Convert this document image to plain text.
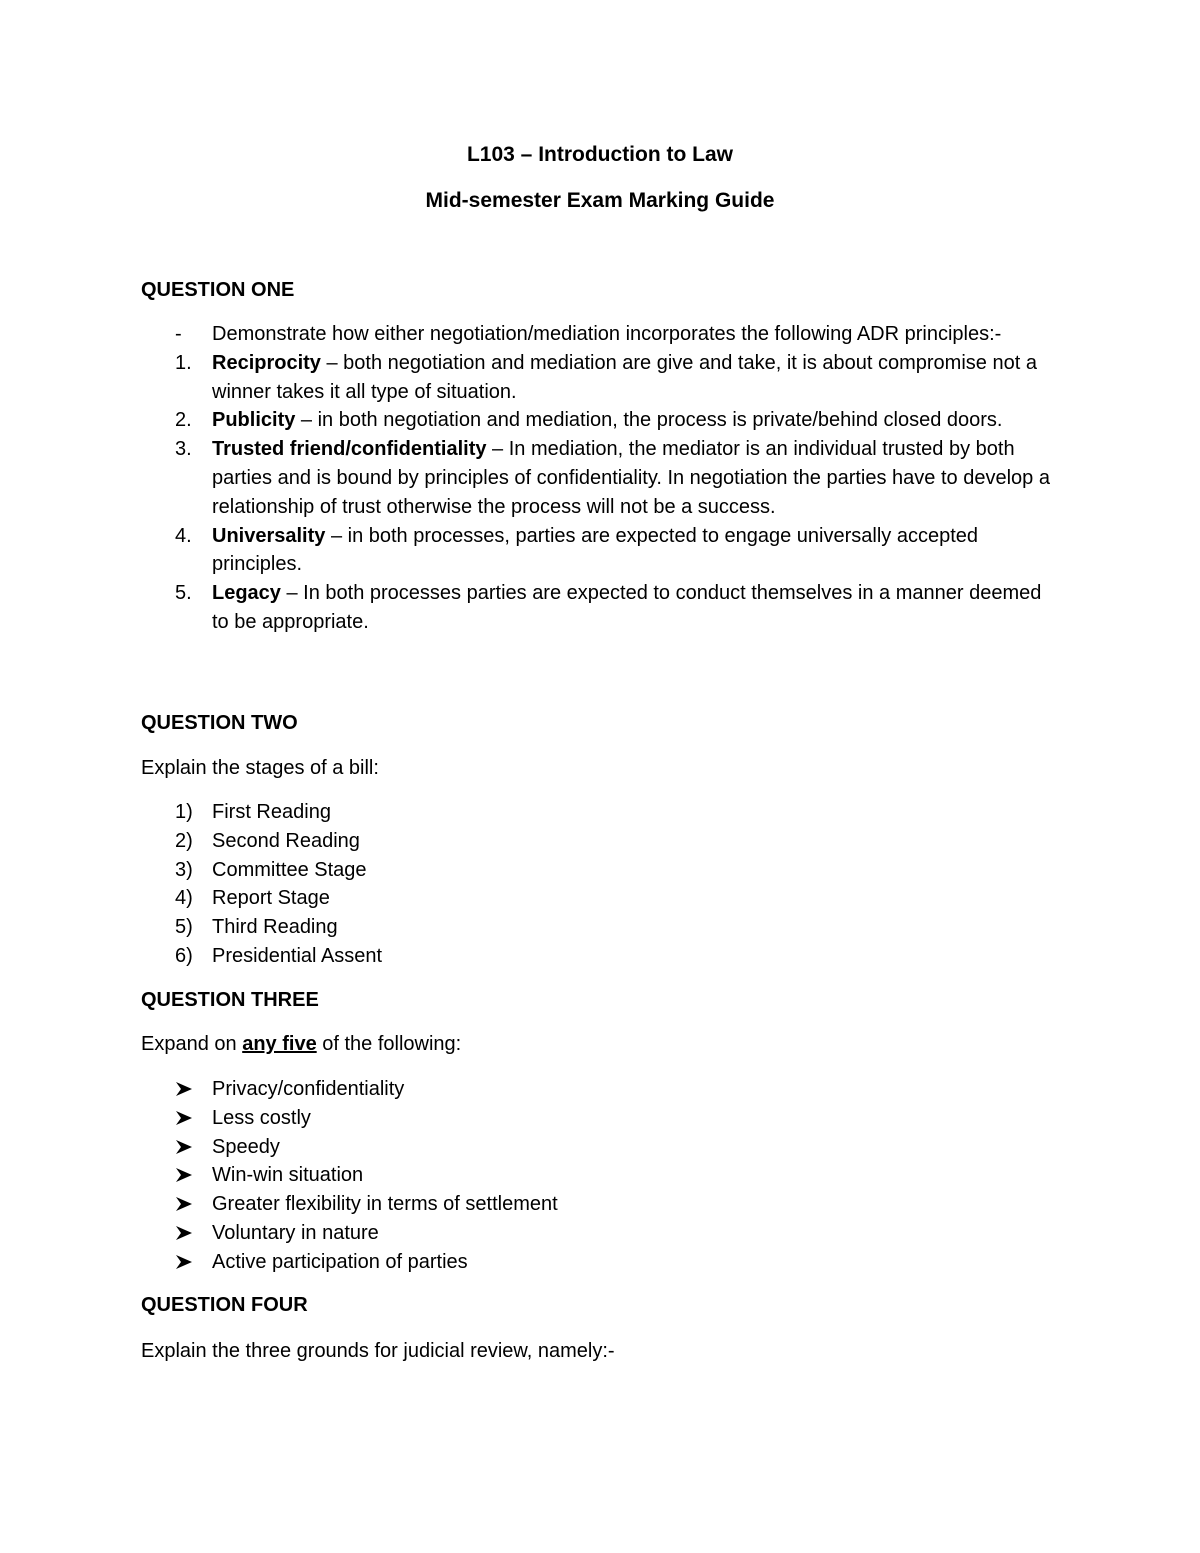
L103 – Introduction to Law
Mid-semester Exam Marking Guide
QUESTION ONE
- Demonstrate how either negotiation/mediation incorporates the following ADR principles:-
1. Reciprocity – both negotiation and mediation are give and take, it is about compromise not a winner takes it all type of situation.
2. Publicity – in both negotiation and mediation, the process is private/behind closed doors.
3. Trusted friend/confidentiality – In mediation, the mediator is an individual trusted by both parties and is bound by principles of confidentiality. In negotiation the parties have to develop a relationship of trust otherwise the process will not be a success.
4. Universality – in both processes, parties are expected to engage universally accepted principles.
5. Legacy – In both processes parties are expected to conduct themselves in a manner deemed to be appropriate.
QUESTION TWO
Explain the stages of a bill:
1) First Reading
2) Second Reading
3) Committee Stage
4) Report Stage
5) Third Reading
6) Presidential Assent
QUESTION THREE
Expand on any five of the following:
Privacy/confidentiality
Less costly
Speedy
Win-win situation
Greater flexibility in terms of settlement
Voluntary in nature
Active participation of parties
QUESTION FOUR
Explain the three grounds for judicial review, namely:-
